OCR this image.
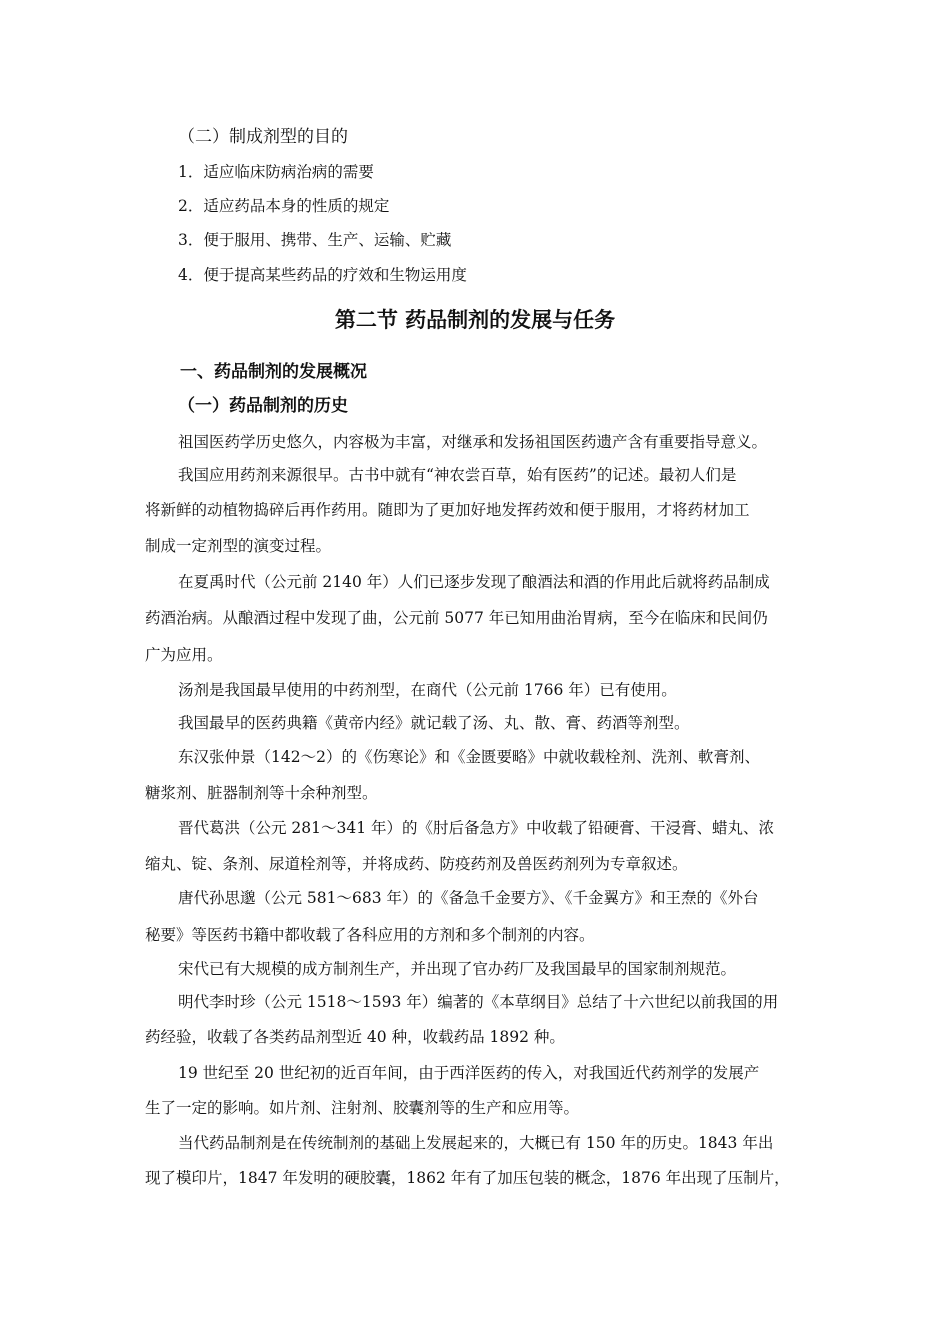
（二）制成剂型的目的
1．适应临床防病治病的需要
2．适应药品本身的性质的规定
3．便于服用、携带、生产、运输、贮藏
4．便于提高某些药品的疗效和生物运用度
第二节 药品制剂的发展与任务
一、药品制剂的发展概况
（一）药品制剂的历史
祖国医药学历史悠久，内容极为丰富，对继承和发扬祖国医药遗产含有重要指导意义。
我国应用药剂来源很早。古书中就有“神农尝百草，始有医药”的记述。最初人们是
将新鲜的动植物捣碎后再作药用。随即为了更加好地发挥药效和便于服用，才将药材加工
制成一定剂型的演变过程。
在夏禹时代（公元前 2140 年）人们已逐步发现了酿酒法和酒的作用此后就将药品制成
药酒治病。从酿酒过程中发现了曲，公元前 5077 年已知用曲治胃病，至今在临床和民间仍
广为应用。
汤剂是我国最早使用的中药剂型，在商代（公元前 1766 年）已有使用。
我国最早的医药典籍《黄帝内经》就记载了汤、丸、散、膏、药酒等剂型。
东汉张仲景（142～2）的《伤寒论》和《金匮要略》中就收载栓剂、洗剂、軟膏剂、
糖浆剂、脏器制剂等十余种剂型。
晋代葛洪（公元 281～341 年）的《肘后备急方》中收载了铅硬膏、干浸膏、蜡丸、浓
缩丸、锭、条剂、尿道栓剂等，并将成药、防疫药剂及兽医药剂列为专章叙述。
唐代孙思邈（公元 581～683 年）的《备急千金要方》、《千金翼方》和王焘的《外台
秘要》等医药书籍中都收载了各科应用的方剂和多个制剂的内容。
宋代已有大规模的成方制剂生产，并出现了官办药厂及我国最早的国家制剂规范。
明代李时珍（公元 1518～1593 年）编著的《本草纲目》总结了十六世纪以前我国的用
药经验，收载了各类药品剂型近 40 种，收载药品 1892 种。
19 世纪至 20 世纪初的近百年间，由于西洋医药的传入，对我国近代药剂学的发展产
生了一定的影响。如片剂、注射剂、胶囊剂等的生产和应用等。
当代药品制剂是在传统制剂的基础上发展起来的，大概已有 150 年的历史。1843 年出
现了模印片，1847 年发明的硬胶囊，1862 年有了加压包装的概念，1876 年出现了压制片，
